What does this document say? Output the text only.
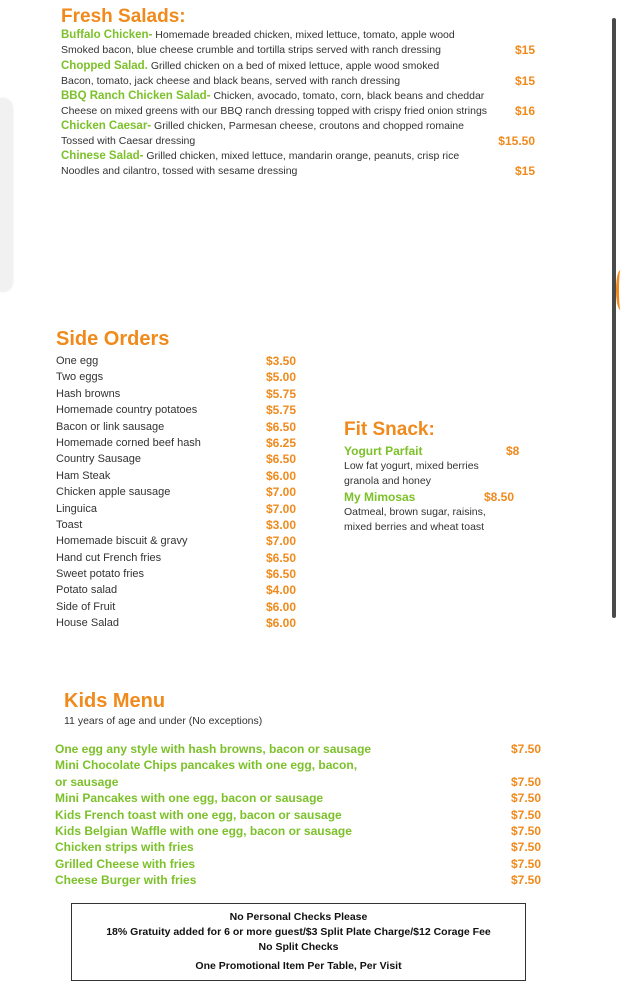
Fresh Salads:
Buffalo Chicken- Homemade breaded chicken, mixed lettuce, tomato, apple wood
Smoked bacon, blue cheese crumble and tortilla strips served with ranch dressing	$15
Chopped Salad. Grilled chicken on a bed of mixed lettuce, apple wood smoked
Bacon, tomato, jack cheese and black beans, served with ranch dressing	$15
BBQ Ranch Chicken Salad- Chicken, avocado, tomato, corn, black beans and cheddar
Cheese on mixed greens with our BBQ ranch dressing topped with crispy fried onion strings	$16
Chicken Caesar- Grilled chicken, Parmesan cheese, croutons and chopped romaine
Tossed with Caesar dressing	$15.50
Chinese Salad- Grilled chicken, mixed lettuce, mandarin orange, peanuts, crisp rice
Noodles and cilantro, tossed with sesame dressing	$15
Side Orders
One egg	$3.50
Two eggs	$5.00
Hash browns	$5.75
Homemade country potatoes	$5.75
Bacon or link sausage	$6.50
Homemade corned beef hash	$6.25
Country Sausage	$6.50
Ham Steak	$6.00
Chicken apple sausage	$7.00
Linguica	$7.00
Toast	$3.00
Homemade biscuit & gravy	$7.00
Hand cut French fries	$6.50
Sweet potato fries	$6.50
Potato salad	$4.00
Side of Fruit	$6.00
House Salad	$6.00
Fit Snack:
Yogurt Parfait	$8
Low fat yogurt, mixed berries
granola and honey
My Mimosas	$8.50
Oatmeal, brown sugar, raisins,
mixed berries and wheat toast
Kids Menu
11 years of age and under (No exceptions)
One egg any style with hash browns, bacon or sausage	$7.50
Mini Chocolate Chips pancakes with one egg, bacon,
or sausage	$7.50
Mini Pancakes with one egg, bacon or sausage	$7.50
Kids French toast with one egg, bacon or sausage	$7.50
Kids Belgian Waffle with one egg, bacon or sausage	$7.50
Chicken strips with fries	$7.50
Grilled Cheese with fries	$7.50
Cheese Burger with fries	$7.50
No Personal Checks Please
18% Gratuity added for 6 or more guest/$3 Split Plate Charge/$12 Corage Fee
No Split Checks
One Promotional Item Per Table, Per Visit
